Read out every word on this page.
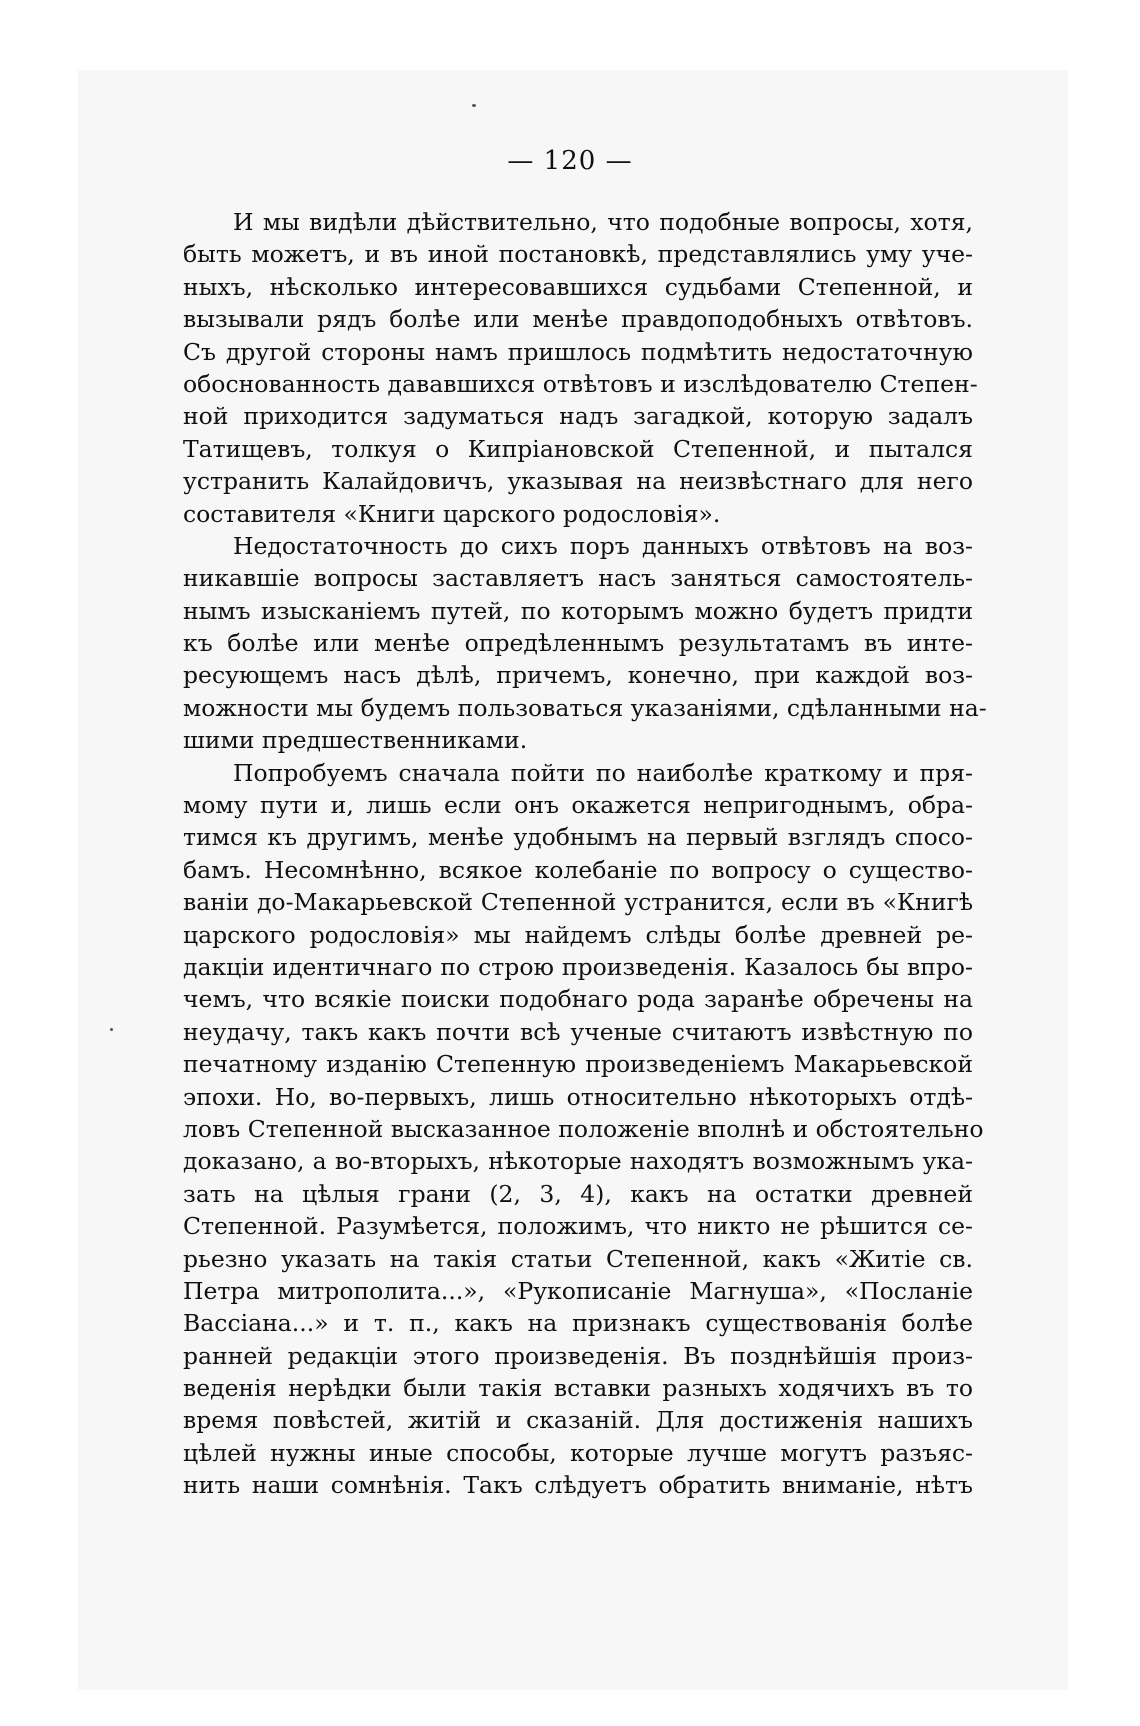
— 120 —
И мы видѣли дѣйствительно, что подобные вопросы, хотя,
быть можетъ, и въ иной постановкѣ, представлялись уму уче-
ныхъ, нѣсколько интересовавшихся судьбами Степенной, и
вызывали рядъ болѣе или менѣе правдоподобныхъ отвѣтовъ.
Съ другой стороны намъ пришлось подмѣтить недостаточную
обоснованность дававшихся отвѣтовъ и изслѣдователю Степен-
ной приходится задуматься надъ загадкой, которую задалъ
Татищевъ, толкуя о Кипріановской Степенной, и пытался
устранить Калайдовичъ, указывая на неизвѣстнаго для него
составителя «Книги царского родословія».
Недостаточность до сихъ поръ данныхъ отвѣтовъ на воз-
никавшіе вопросы заставляетъ насъ заняться самостоятель-
нымъ изысканіемъ путей, по которымъ можно будетъ придти
къ болѣе или менѣе опредѣленнымъ результатамъ въ инте-
ресующемъ насъ дѣлѣ, причемъ, конечно, при каждой воз-
можности мы будемъ пользоваться указаніями, сдѣланными на-
шими предшественниками.
Попробуемъ сначала пойти по наиболѣе краткому и пря-
мому пути и, лишь если онъ окажется непригоднымъ, обра-
тимся къ другимъ, менѣе удобнымъ на первый взглядъ спосо-
бамъ. Несомнѣнно, всякое колебаніе по вопросу о существо-
ваніи до-Макарьевской Степенной устранится, если въ «Книгѣ
царского родословія» мы найдемъ слѣды болѣе древней ре-
дакціи идентичнаго по строю произведенія. Казалось бы впро-
чемъ, что всякіе поиски подобнаго рода заранѣе обречены на
неудачу, такъ какъ почти всѣ ученые считаютъ извѣстную по
печатному изданію Степенную произведеніемъ Макарьевской
эпохи. Но, во-первыхъ, лишь относительно нѣкоторыхъ отдѣ-
ловъ Степенной высказанное положеніе вполнѣ и обстоятельно
доказано, а во-вторыхъ, нѣкоторые находятъ возможнымъ ука-
зать на цѣлыя грани (2, 3, 4), какъ на остатки древней
Степенной. Разумѣется, положимъ, что никто не рѣшится се-
рьезно указать на такія статьи Степенной, какъ «Житіе св.
Петра митрополита...», «Рукописаніе Магнуша», «Посланіе
Вассіана...» и т. п., какъ на признакъ существованія болѣе
ранней редакціи этого произведенія. Въ позднѣйшія произ-
веденія нерѣдки были такія вставки разныхъ ходячихъ въ то
время повѣстей, житій и сказаній. Для достиженія нашихъ
цѣлей нужны иные способы, которые лучше могутъ разъяс-
нить наши сомнѣнія. Такъ слѣдуетъ обратить вниманіе, нѣтъ
